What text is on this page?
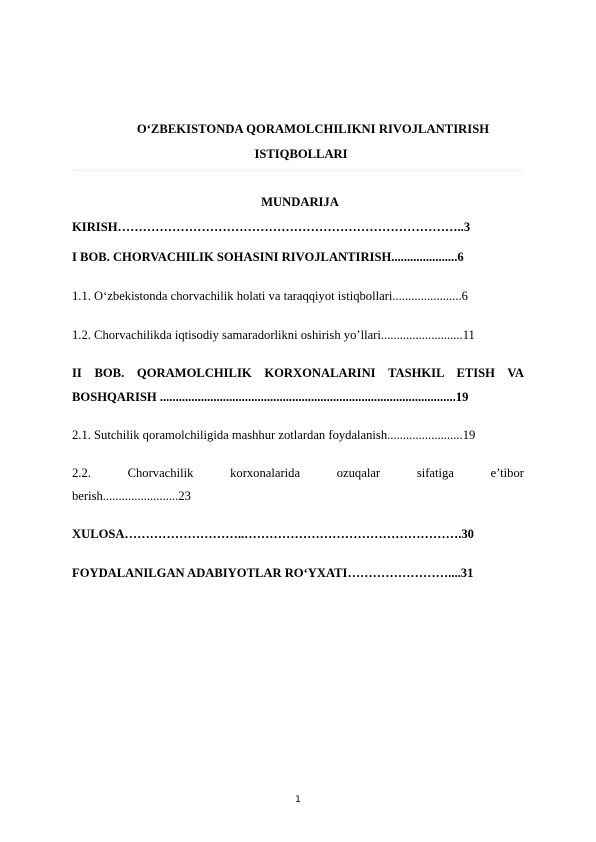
O‘ZBEKISTONDA QORAMOLCHILIKNI RIVOJLANTIRISH
ISTIQBOLLARI
MUNDARIJA
KIRISH………………………………………………………………………..3
I BOB. CHORVACHILIK SOHASINI RIVOJLANTIRISH.....................6
1.1. O‘zbekistonda chorvachilik holati va taraqqiyot istiqbollari......................6
1.2. Chorvachilikda iqtisodiy samaradorlikni oshirish yo’llari..........................11
II BOB. QORAMOLCHILIK KORXONALARINI TASHKIL ETISH VA
BOSHQARISH ..............................................................................................19
2.1. Sutchilik qoramolchiligida mashhur zotlardan foydalanish........................19
2.2.	Chorvachilik	korxonalarida	ozuqalar	sifatiga	e’tibor
berish........................23
XULOSA………………………..…………………………………………….30
FOYDALANILGAN ADABIYOTLAR RO‘YXATI……………………....31
1
